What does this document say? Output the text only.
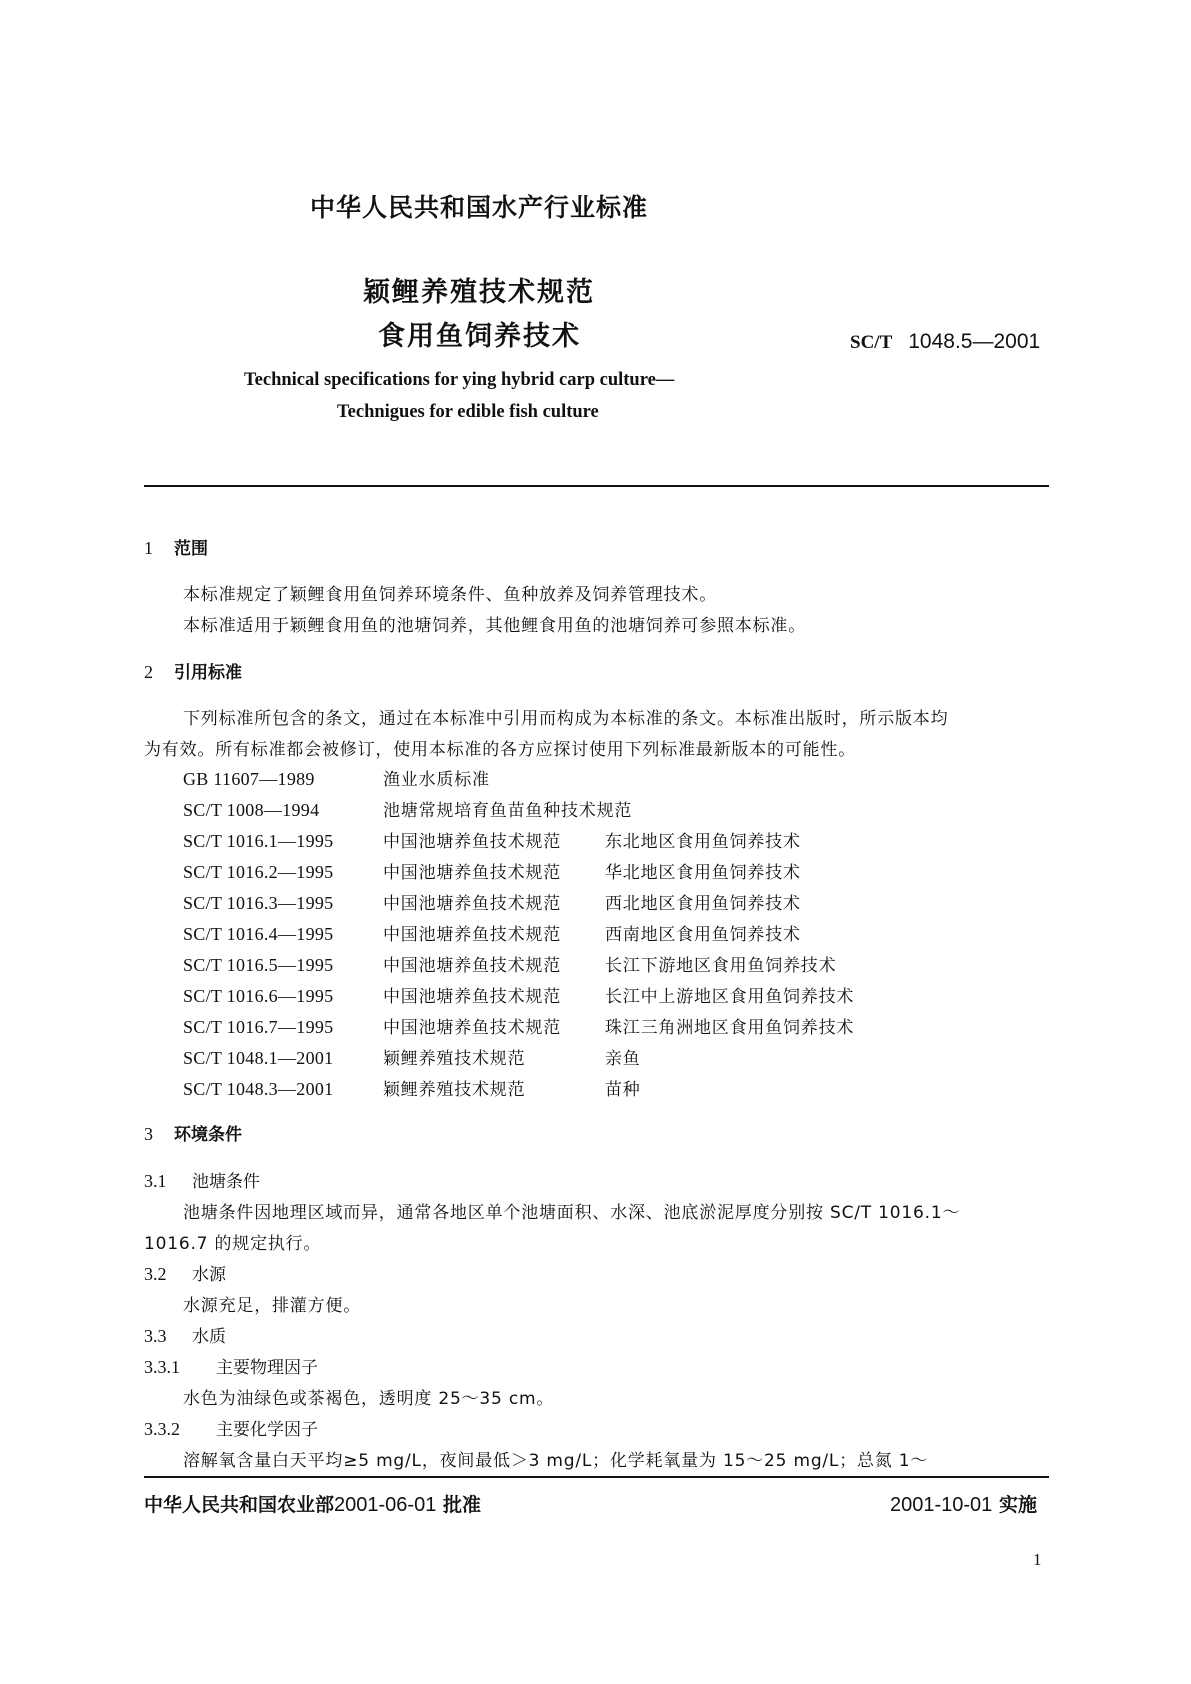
中华人民共和国水产行业标准
颖鲤养殖技术规范
食用鱼饲养技术	SC/T 1048.5—2001
Technical specifications for ying hybrid carp culture—
Technigues for edible fish culture
1 范围
本标准规定了颖鲤食用鱼饲养环境条件、鱼种放养及饲养管理技术。
本标准适用于颖鲤食用鱼的池塘饲养，其他鲤食用鱼的池塘饲养可参照本标准。
2 引用标准
下列标准所包含的条文，通过在本标准中引用而构成为本标准的条文。本标准出版时，所示版本均
为有效。所有标准都会被修订，使用本标准的各方应探讨使用下列标准最新版本的可能性。
GB 11607—1989	渔业水质标准
SC/T 1008—1994	池塘常规培育鱼苗鱼种技术规范
SC/T 1016.1—1995	中国池塘养鱼技术规范	东北地区食用鱼饲养技术
SC/T 1016.2—1995	中国池塘养鱼技术规范	华北地区食用鱼饲养技术
SC/T 1016.3—1995	中国池塘养鱼技术规范	西北地区食用鱼饲养技术
SC/T 1016.4—1995	中国池塘养鱼技术规范	西南地区食用鱼饲养技术
SC/T 1016.5—1995	中国池塘养鱼技术规范	长江下游地区食用鱼饲养技术
SC/T 1016.6—1995	中国池塘养鱼技术规范	长江中上游地区食用鱼饲养技术
SC/T 1016.7—1995	中国池塘养鱼技术规范	珠江三角洲地区食用鱼饲养技术
SC/T 1048.1—2001	颖鲤养殖技术规范	亲鱼
SC/T 1048.3—2001	颖鲤养殖技术规范	苗种
3 环境条件
3.1 池塘条件
池塘条件因地理区域而异，通常各地区单个池塘面积、水深、池底淤泥厚度分别按 SC/T 1016.1～
1016.7 的规定执行。
3.2 水源
水源充足，排灌方便。
3.3 水质
3.3.1 主要物理因子
水色为油绿色或茶褐色，透明度 25～35 cm。
3.3.2 主要化学因子
溶解氧含量白天平均≥5 mg/L，夜间最低＞3 mg/L；化学耗氧量为 15～25 mg/L；总氮 1～
中华人民共和国农业部2001-06-01 批准	2001-10-01 实施
1
